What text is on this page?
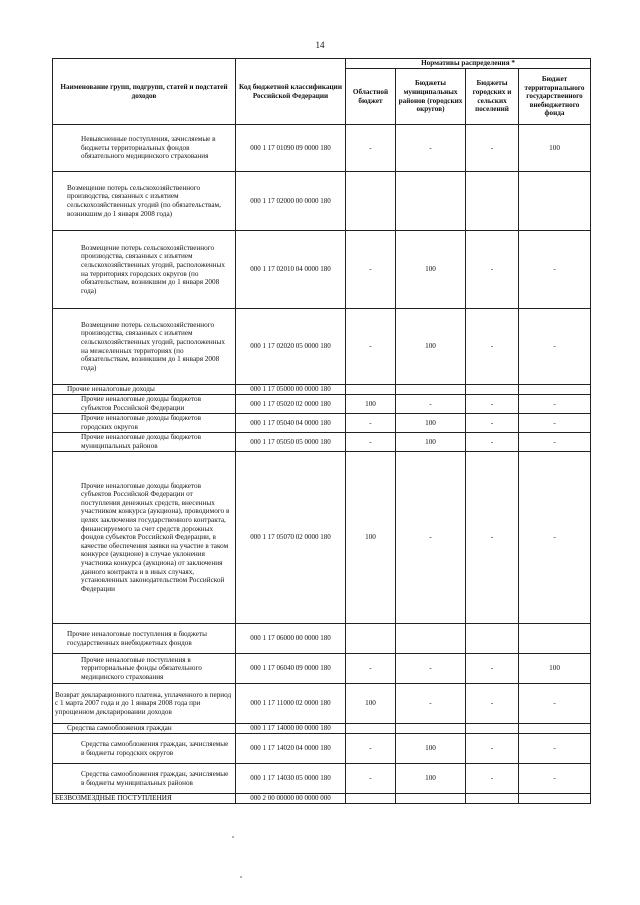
14
Наименование групп, подгрупп, статей и подстатей доходов	Код бюджетной классификации Российской Федерации	Нормативы распределения *			
		Областной бюджет	Бюджеты муниципальных районов (городских округов)	Бюджеты городских и сельских поселений	Бюджет территориального государственного внебюджетного фонда
Невыясненные поступления, зачисляемые в бюджеты территориальных фондов обязательного медицинского страхования	000 1 17 01090 09 0000 180	-	-	-	100
Возмещение потерь сельскохозяйственного производства, связанных с изъятием сельскохозяйственных угодий (по обязательствам, возникшим до 1 января 2008 года)	000 1 17 02000 00 0000 180				
Возмещение потерь сельскохозяйственного производства, связанных с изъятием сельскохозяйственных угодий, расположенных на территориях городских округов (по обязательствам, возникшим до 1 января 2008 года)	000 1 17 02010 04 0000 180	-	100	-	-
Возмещение потерь сельскохозяйственного производства, связанных с изъятием сельскохозяйственных угодий, расположенных на межселенных территориях (по обязательствам, возникшим до 1 января 2008 года)	000 1 17 02020 05 0000 180	-	100	-	-
Прочие неналоговые доходы	000 1 17 05000 00 0000 180				
Прочие неналоговые доходы бюджетов субъектов Российской Федерации	000 1 17 05020 02 0000 180	100	-	-	-
Прочие неналоговые доходы бюджетов городских округов	000 1 17 05040 04 0000 180	-	100	-	-
Прочие неналоговые доходы бюджетов муниципальных районов	000 1 17 05050 05 0000 180	-	100	-	-
Прочие неналоговые доходы бюджетов субъектов Российской Федерации от поступления денежных средств, внесенных участником конкурса (аукциона), проводимого в целях заключения государственного контракта, финансируемого за счет средств дорожных фондов субъектов Российской Федерации, в качестве обеспечения заявки на участие в таком конкурсе (аукционе) в случае уклонения участника конкурса (аукциона) от заключения данного контракта и в иных случаях, установленных законодательством Российской Федерации	000 1 17 05070 02 0000 180	100	-	-	-
Прочие неналоговые поступления в бюджеты государственных внебюджетных фондов	000 1 17 06000 00 0000 180				
Прочие неналоговые поступления в территориальные фонды обязательного медицинского страхования	000 1 17 06040 09 0000 180	-	-	-	100
Возврат декларационного платежа, уплаченного в период с 1 марта 2007 года и до 1 января 2008 года при упрощенном декларировании доходов	000 1 17 11000 02 0000 180	100	-	-	-
Средства самообложения граждан	000 1 17 14000 00 0000 180				
Средства самообложения граждан, зачисляемые в бюджеты городских округов	000 1 17 14020 04 0000 180	-	100	-	-
Средства самообложения граждан, зачисляемые в бюджеты муниципальных районов	000 1 17 14030 05 0000 180	-	100	-	-
БЕЗВОЗМЕЗДНЫЕ ПОСТУПЛЕНИЯ	000 2 00 00000 00 0000 000				
